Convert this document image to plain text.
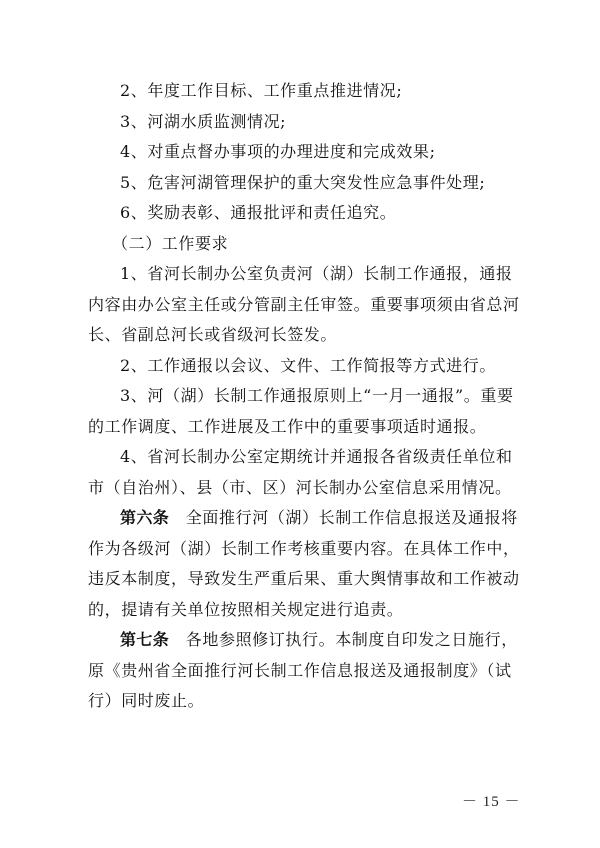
2、年度工作目标、工作重点推进情况;
3、河湖水质监测情况;
4、对重点督办事项的办理进度和完成效果;
5、危害河湖管理保护的重大突发性应急事件处理;
6、奖励表彰、通报批评和责任追究。
（二）工作要求
1、省河长制办公室负责河（湖）长制工作通报，通报
内容由办公室主任或分管副主任审签。重要事项须由省总河
长、省副总河长或省级河长签发。
2、工作通报以会议、文件、工作简报等方式进行。
3、河（湖）长制工作通报原则上“一月一通报”。重要
的工作调度、工作进展及工作中的重要事项适时通报。
4、省河长制办公室定期统计并通报各省级责任单位和
市（自治州）、县（市、区）河长制办公室信息采用情况。
第六条　全面推行河（湖）长制工作信息报送及通报将
作为各级河（湖）长制工作考核重要内容。在具体工作中，
违反本制度，导致发生严重后果、重大舆情事故和工作被动
的，提请有关单位按照相关规定进行追责。
第七条　各地参照修订执行。本制度自印发之日施行，
原《贵州省全面推行河长制工作信息报送及通报制度》（试
行）同时废止。
－ 15 －
